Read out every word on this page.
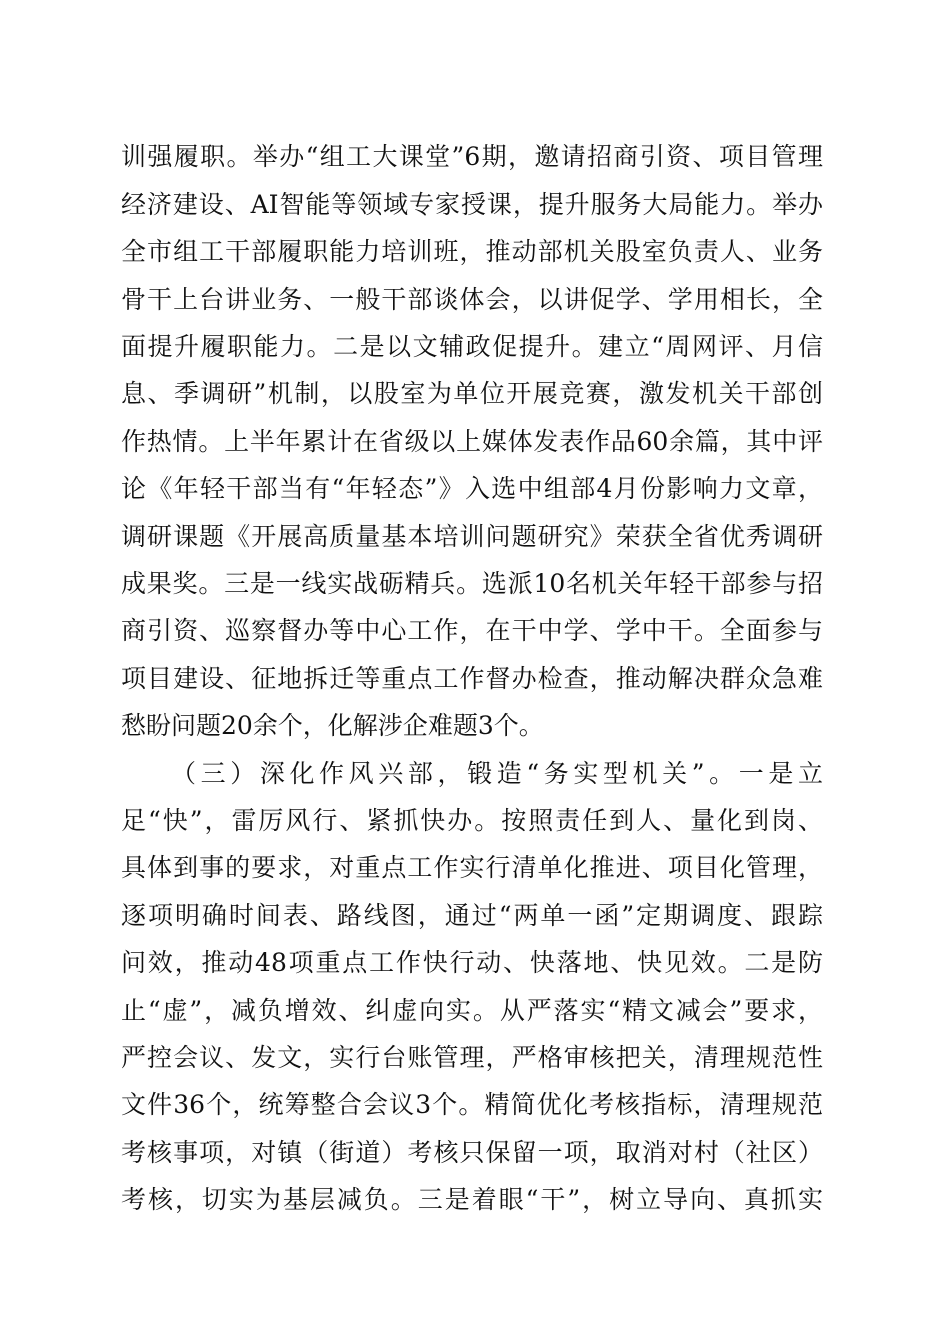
训强履职。举办“组工大课堂”6期，邀请招商引资、项目管理
经济建设、AI智能等领域专家授课，提升服务大局能力。举办
全市组工干部履职能力培训班，推动部机关股室负责人、业务
骨干上台讲业务、一般干部谈体会，以讲促学、学用相长，全
面提升履职能力。二是以文辅政促提升。建立“周网评、月信
息、季调研”机制，以股室为单位开展竞赛，激发机关干部创
作热情。上半年累计在省级以上媒体发表作品60余篇，其中评
论《年轻干部当有“年轻态”》入选中组部4月份影响力文章，
调研课题《开展高质量基本培训问题研究》荣获全省优秀调研
成果奖。三是一线实战砺精兵。选派10名机关年轻干部参与招
商引资、巡察督办等中心工作，在干中学、学中干。全面参与
项目建设、征地拆迁等重点工作督办检查，推动解决群众急难
愁盼问题20余个，化解涉企难题3个。
（三）深化作风兴部，锻造“务实型机关”。一是立
足“快”，雷厉风行、紧抓快办。按照责任到人、量化到岗、
具体到事的要求，对重点工作实行清单化推进、项目化管理，
逐项明确时间表、路线图，通过“两单一函”定期调度、跟踪
问效，推动48项重点工作快行动、快落地、快见效。二是防
止“虚”，减负增效、纠虚向实。从严落实“精文减会”要求，
严控会议、发文，实行台账管理，严格审核把关，清理规范性
文件36个，统筹整合会议3个。精简优化考核指标，清理规范
考核事项，对镇（街道）考核只保留一项，取消对村（社区）
考核，切实为基层减负。三是着眼“干”，树立导向、真抓实
